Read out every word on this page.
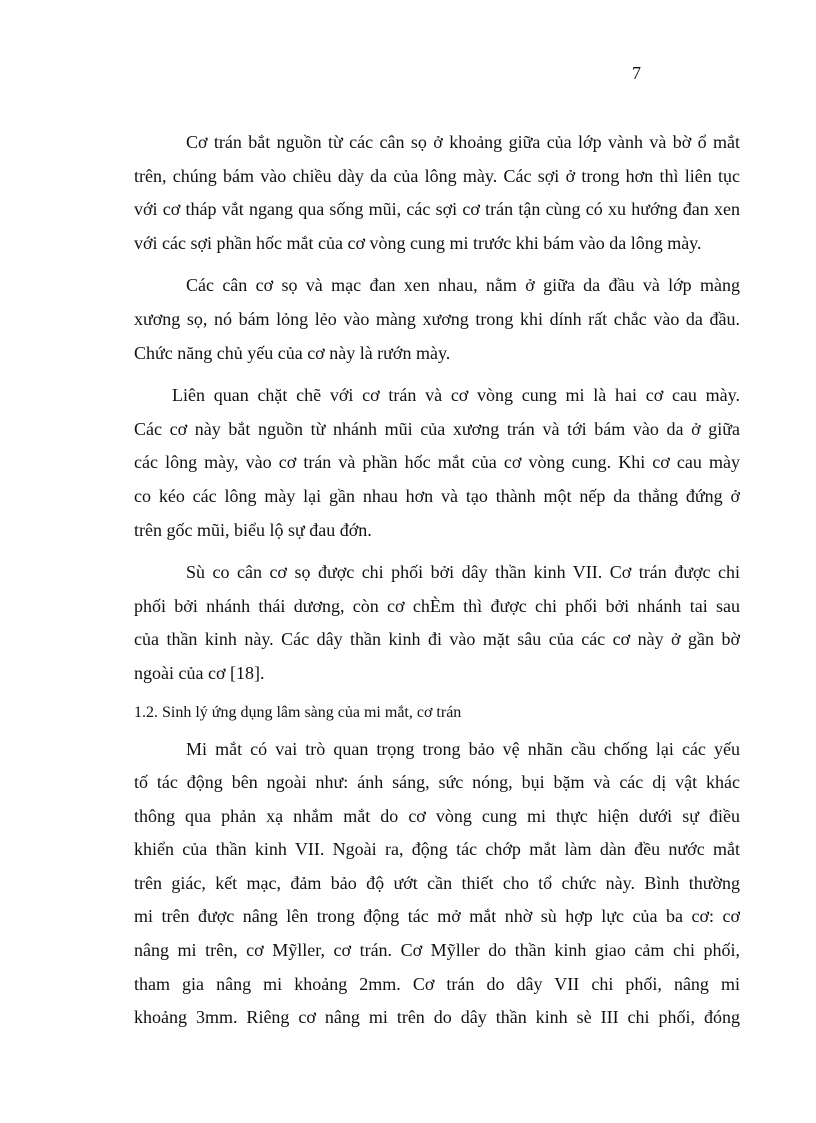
7
Cơ trán bắt nguồn từ các cân sọ ở khoảng giữa của lớp vành và bờ ổ mắt
trên, chúng bám vào chiều dày da của lông mày. Các sợi ở trong hơn thì liên tục
với cơ tháp vắt ngang qua sống mũi, các sợi cơ trán tận cùng có xu hướng đan xen
với các sợi phần hốc mắt của cơ vòng cung mi trước khi bám vào da lông mày.
Các cân cơ sọ và mạc đan xen nhau, nằm ở giữa da đầu và lớp màng
xương sọ, nó bám lỏng lẻo vào màng xương trong khi dính rất chắc vào da đầu.
Chức năng chủ yếu của cơ này là rướn mày.
Liên quan chặt chẽ với cơ trán và cơ vòng cung mi là hai cơ cau mày.
Các cơ này bắt nguồn từ nhánh mũi của xương trán và tới bám vào da ở giữa
các lông mày, vào cơ trán và phần hốc mắt của cơ vòng cung. Khi cơ cau mày
co kéo các lông mày lại gần nhau hơn và tạo thành một nếp da thẳng đứng ở
trên gốc mũi, biểu lộ sự đau đớn.
Sù co cân cơ sọ được chi phối bởi dây thần kinh VII. Cơ trán được chi
phối bởi nhánh thái dương, còn cơ chÈm thì được chi phối bởi nhánh tai sau
của thần kinh này. Các dây thần kinh đi vào mặt sâu của các cơ này ở gần bờ
ngoài của cơ [18].
1.2. Sinh lý ứng dụng lâm sàng của mi mắt, cơ trán
Mi mắt có vai trò quan trọng trong bảo vệ nhãn cầu chống lại các yếu
tố tác động bên ngoài như: ánh sáng, sức nóng, bụi bặm và các dị vật khác
thông qua phản xạ nhắm mắt do cơ vòng cung mi thực hiện dưới sự điều
khiển của thần kinh VII. Ngoài ra, động tác chớp mắt làm dàn đều nước mắt
trên giác, kết mạc, đảm bảo độ ướt cần thiết cho tổ chức này. Bình thường
mi trên được nâng lên trong động tác mở mắt nhờ sù hợp lực của ba cơ: cơ
nâng mi trên, cơ Mỹller, cơ trán. Cơ Mỹller do thần kinh giao cảm chi phối,
tham gia nâng mi khoảng 2mm. Cơ trán do dây VII chi phối, nâng mi
khoảng 3mm. Riêng cơ nâng mi trên do dây thần kinh sè III chi phối, đóng
